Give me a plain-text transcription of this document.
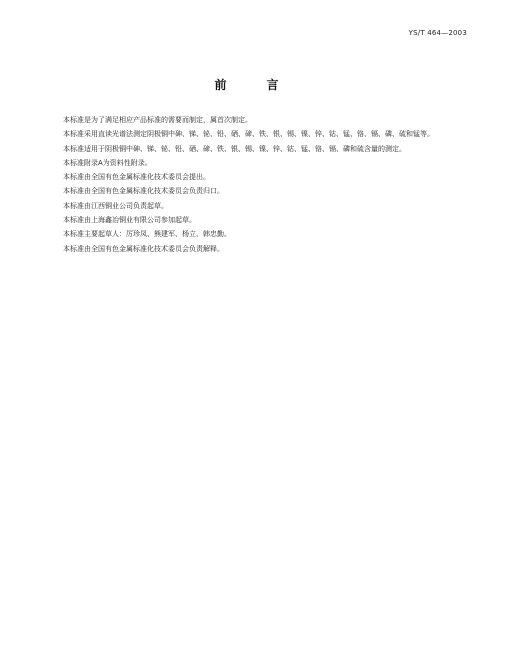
YS/T 464—2003
前　言

本标准是为了满足相应产品标准的需要而制定，属首次制定。

本标准采用直读光谱法测定阴极铜中砷、锑、铋、铅、硒、碲、铁、银、锡、镍、锌、钴、锰、铬、镉、磷、硫和锰等。

本标准适用于阴极铜中砷、锑、铋、铅、硒、碲、铁、银、锡、镍、锌、钴、锰、铬、镉、磷和硫含量的测定。

本标准附录A为资料性附录。

本标准由全国有色金属标准化技术委员会提出。

本标准由全国有色金属标准化技术委员会负责归口。

本标准由江西铜业公司负责起草。

本标准由上海鑫冶铜业有限公司参加起草。

本标准主要起草人：厉珍凤、熊建军、杨立、韩忠勤。

本标准由全国有色金属标准化技术委员会负责解释。
